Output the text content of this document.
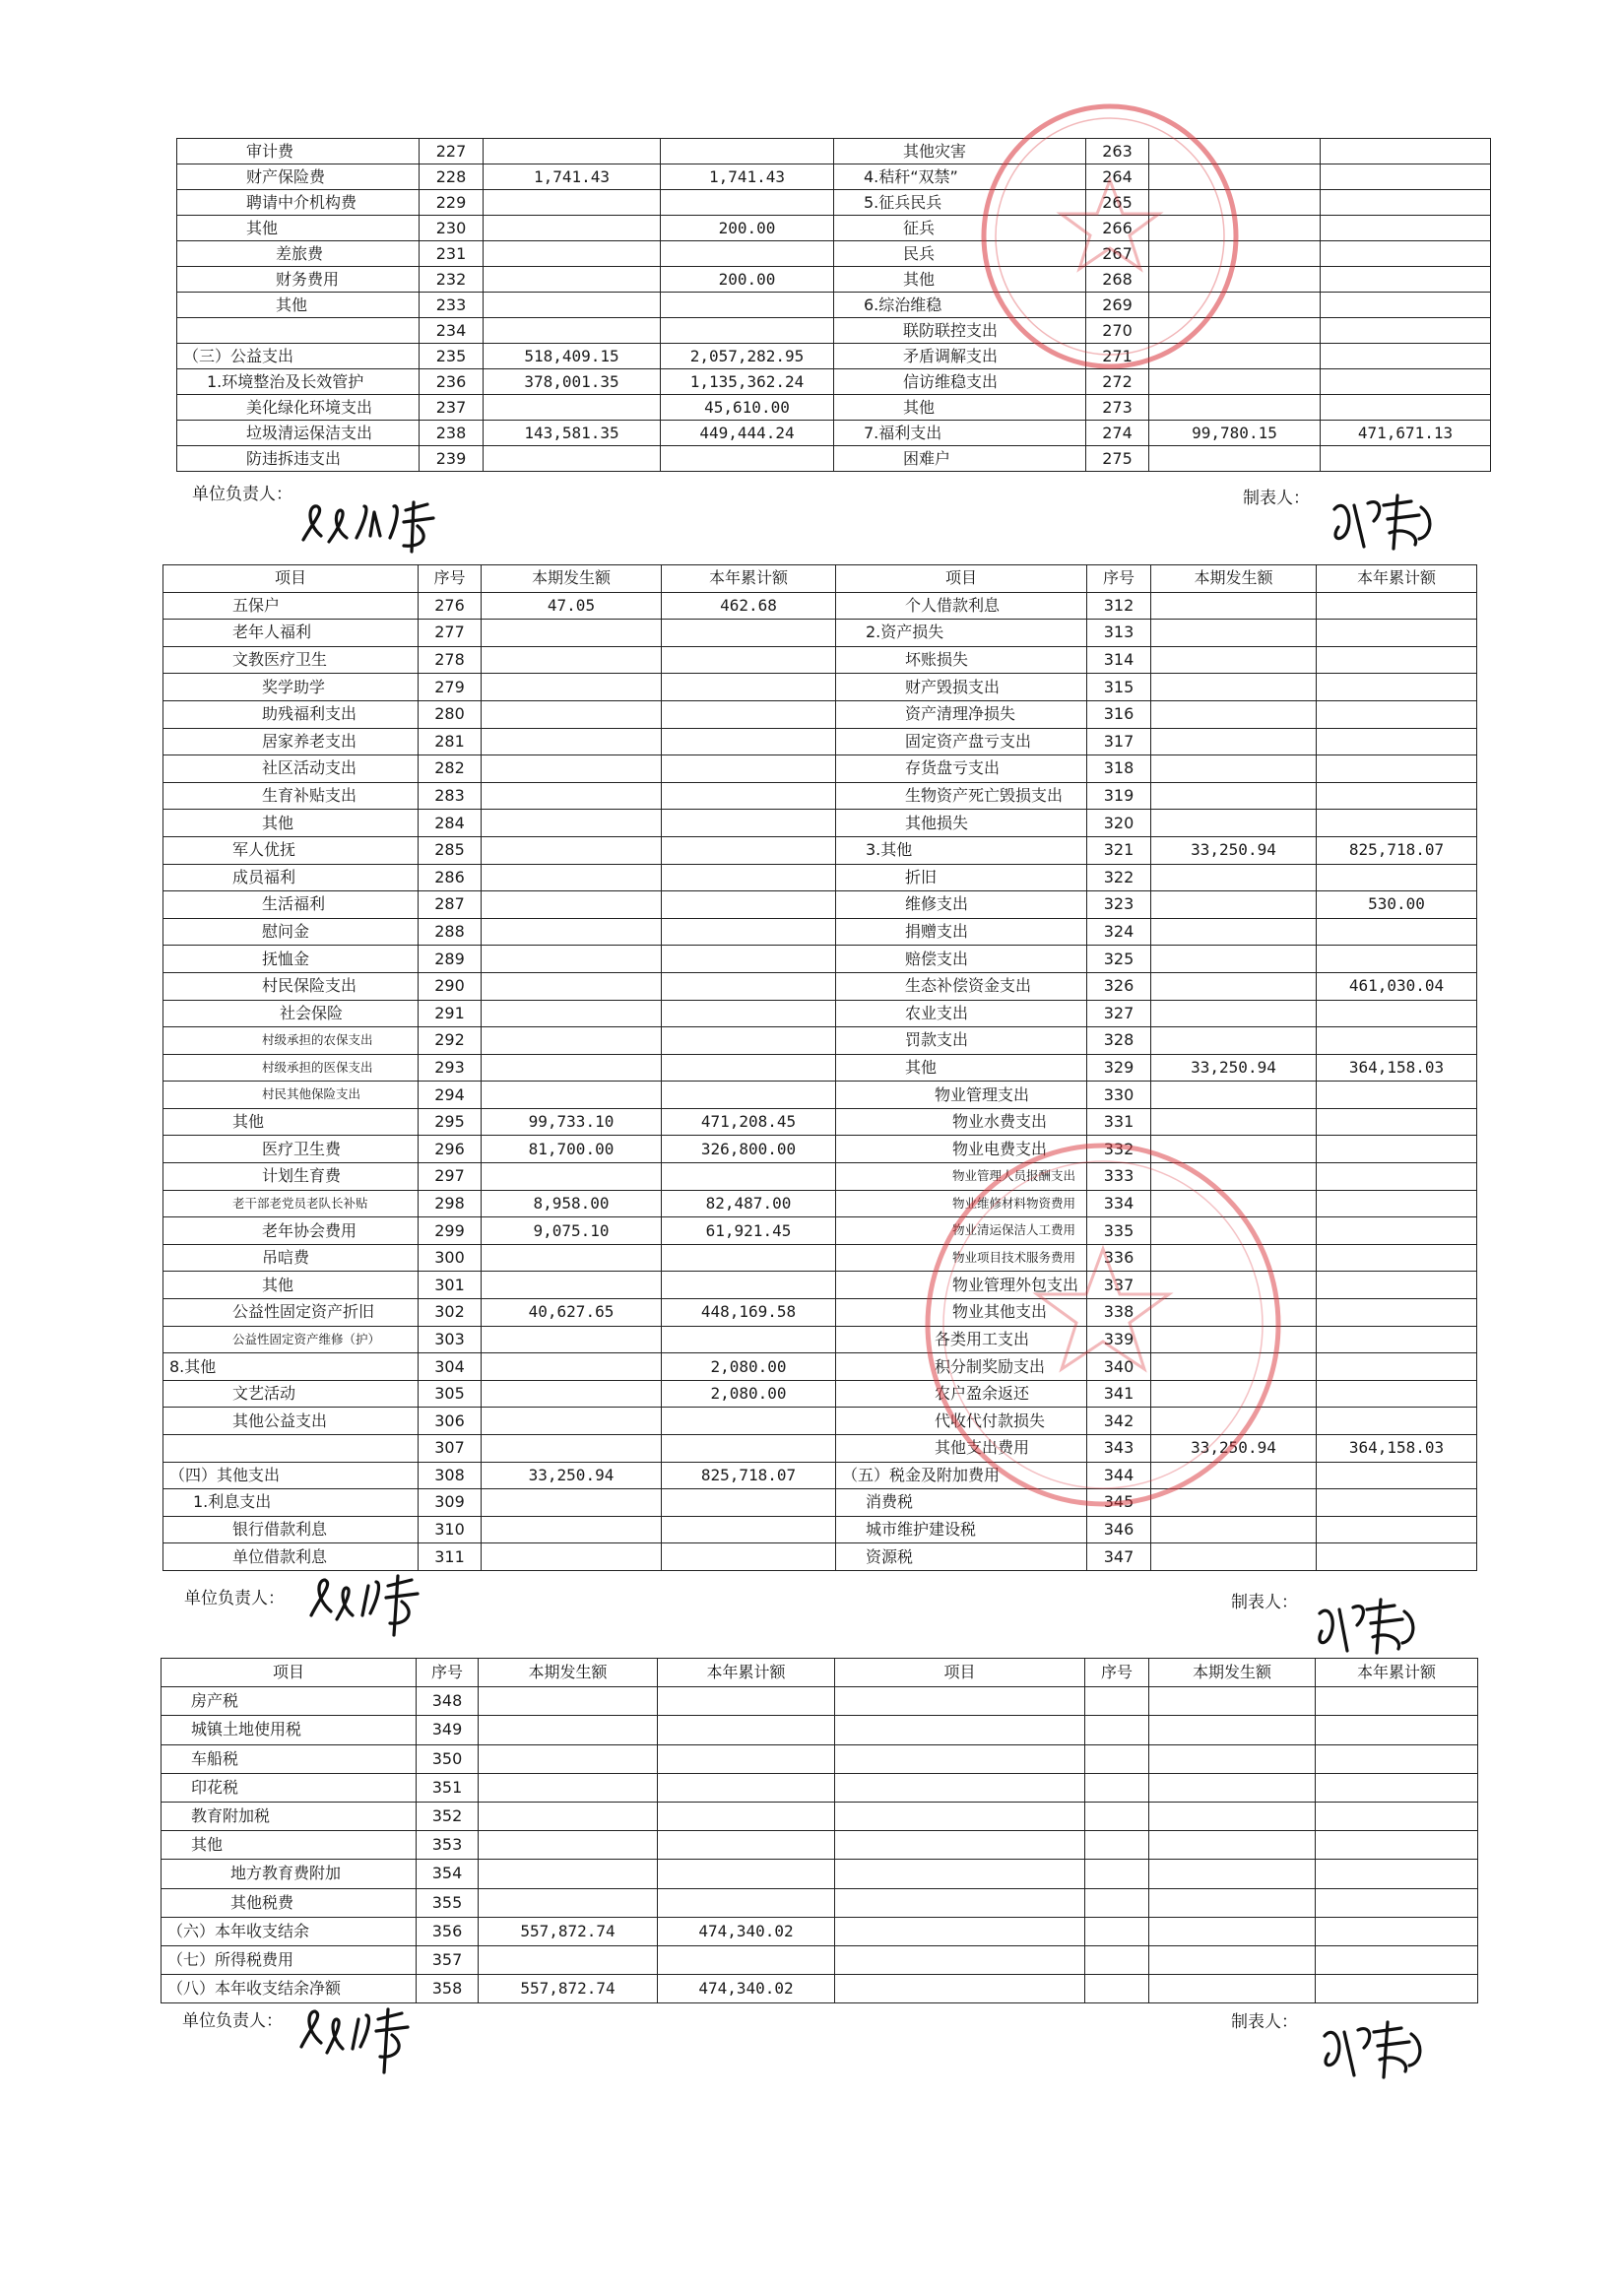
审计费	227			其他灾害	263		
财产保险费	228	1,741.43	1,741.43	4.秸秆“双禁”	264		
聘请中介机构费	229			5.征兵民兵	265		
其他	230		200.00	征兵	266		
差旅费	231			民兵	267		
财务费用	232		200.00	其他	268		
其他	233			6.综治维稳	269		
	234			联防联控支出	270		
（三）公益支出	235	518,409.15	2,057,282.95	矛盾调解支出	271		
1.环境整治及长效管护	236	378,001.35	1,135,362.24	信访维稳支出	272		
美化绿化环境支出	237		45,610.00	其他	273		
垃圾清运保洁支出	238	143,581.35	449,444.24	7.福利支出	274	99,780.15	471,671.13
防违拆违支出	239			困难户	275		
单位负责人：	制表人：
项目	序号	本期发生额	本年累计额	项目	序号	本期发生额	本年累计额
五保户	276	47.05	462.68	个人借款利息	312		
老年人福利	277			2.资产损失	313		
文教医疗卫生	278			坏账损失	314		
奖学助学	279			财产毁损支出	315		
助残福利支出	280			资产清理净损失	316		
居家养老支出	281			固定资产盘亏支出	317		
社区活动支出	282			存货盘亏支出	318		
生育补贴支出	283			生物资产死亡毁损支出	319		
其他	284			其他损失	320		
军人优抚	285			3.其他	321	33,250.94	825,718.07
成员福利	286			折旧	322		
生活福利	287			维修支出	323		530.00
慰问金	288			捐赠支出	324		
抚恤金	289			赔偿支出	325		
村民保险支出	290			生态补偿资金支出	326		461,030.04
社会保险	291			农业支出	327		
村级承担的农保支出	292			罚款支出	328		
村级承担的医保支出	293			其他	329	33,250.94	364,158.03
村民其他保险支出	294			物业管理支出	330		
其他	295	99,733.10	471,208.45	物业水费支出	331		
医疗卫生费	296	81,700.00	326,800.00	物业电费支出	332		
计划生育费	297			物业管理人员报酬支出	333		
老干部老党员老队长补贴	298	8,958.00	82,487.00	物业维修材料物资费用	334		
老年协会费用	299	9,075.10	61,921.45	物业清运保洁人工费用	335		
吊唁费	300			物业项目技术服务费用	336		
其他	301			物业管理外包支出	337		
公益性固定资产折旧	302	40,627.65	448,169.58	物业其他支出	338		
公益性固定资产维修（护）	303			各类用工支出	339		
8.其他	304		2,080.00	积分制奖励支出	340		
文艺活动	305		2,080.00	农户盈余返还	341		
其他公益支出	306			代收代付款损失	342		
	307			其他支出费用	343	33,250.94	364,158.03
（四）其他支出	308	33,250.94	825,718.07	（五）税金及附加费用	344		
1.利息支出	309			消费税	345		
银行借款利息	310			城市维护建设税	346		
单位借款利息	311			资源税	347		
单位负责人：	制表人：
项目	序号	本期发生额	本年累计额	项目	序号	本期发生额	本年累计额
房产税	348						
城镇土地使用税	349						
车船税	350						
印花税	351						
教育附加税	352						
其他	353						
地方教育费附加	354						
其他税费	355						
（六）本年收支结余	356	557,872.74	474,340.02				
（七）所得税费用	357						
（八）本年收支结余净额	358	557,872.74	474,340.02				
单位负责人：	制表人：
